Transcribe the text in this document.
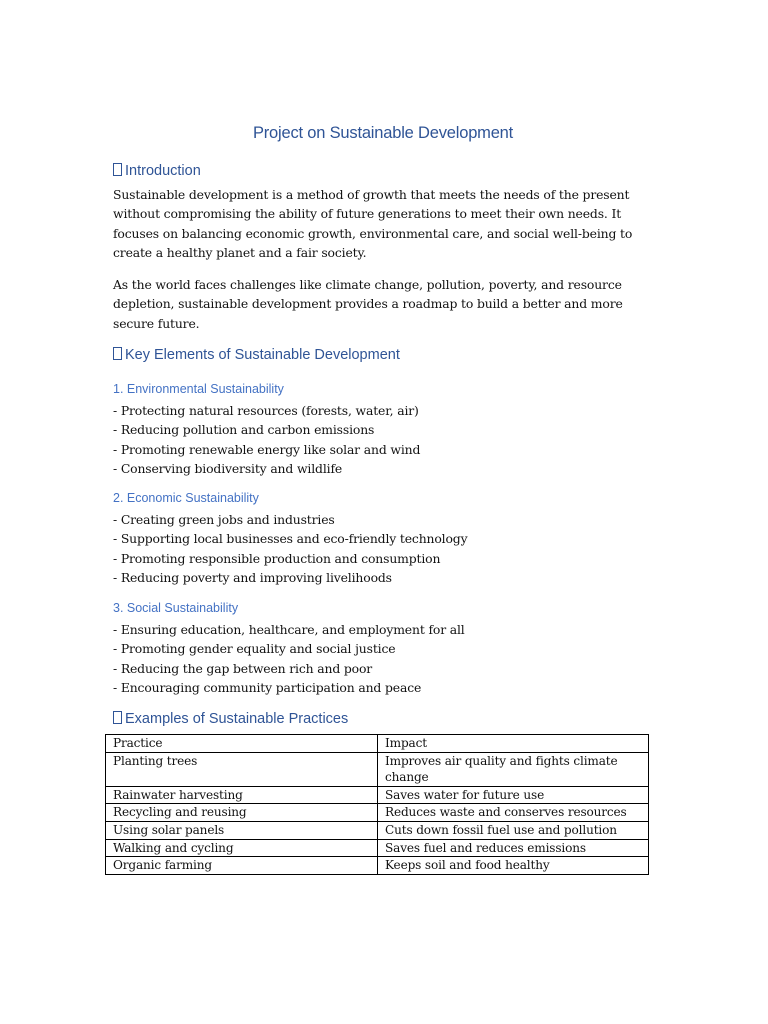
Project on Sustainable Development
Introduction
Sustainable development is a method of growth that meets the needs of the present without compromising the ability of future generations to meet their own needs. It focuses on balancing economic growth, environmental care, and social well-being to create a healthy planet and a fair society.
As the world faces challenges like climate change, pollution, poverty, and resource depletion, sustainable development provides a roadmap to build a better and more secure future.
Key Elements of Sustainable Development
1. Environmental Sustainability
- Protecting natural resources (forests, water, air)
- Reducing pollution and carbon emissions
- Promoting renewable energy like solar and wind
- Conserving biodiversity and wildlife
2. Economic Sustainability
- Creating green jobs and industries
- Supporting local businesses and eco-friendly technology
- Promoting responsible production and consumption
- Reducing poverty and improving livelihoods
3. Social Sustainability
- Ensuring education, healthcare, and employment for all
- Promoting gender equality and social justice
- Reducing the gap between rich and poor
- Encouraging community participation and peace
Examples of Sustainable Practices
Practice	Impact
Planting trees	Improves air quality and fights climate change
Rainwater harvesting	Saves water for future use
Recycling and reusing	Reduces waste and conserves resources
Using solar panels	Cuts down fossil fuel use and pollution
Walking and cycling	Saves fuel and reduces emissions
Organic farming	Keeps soil and food healthy
